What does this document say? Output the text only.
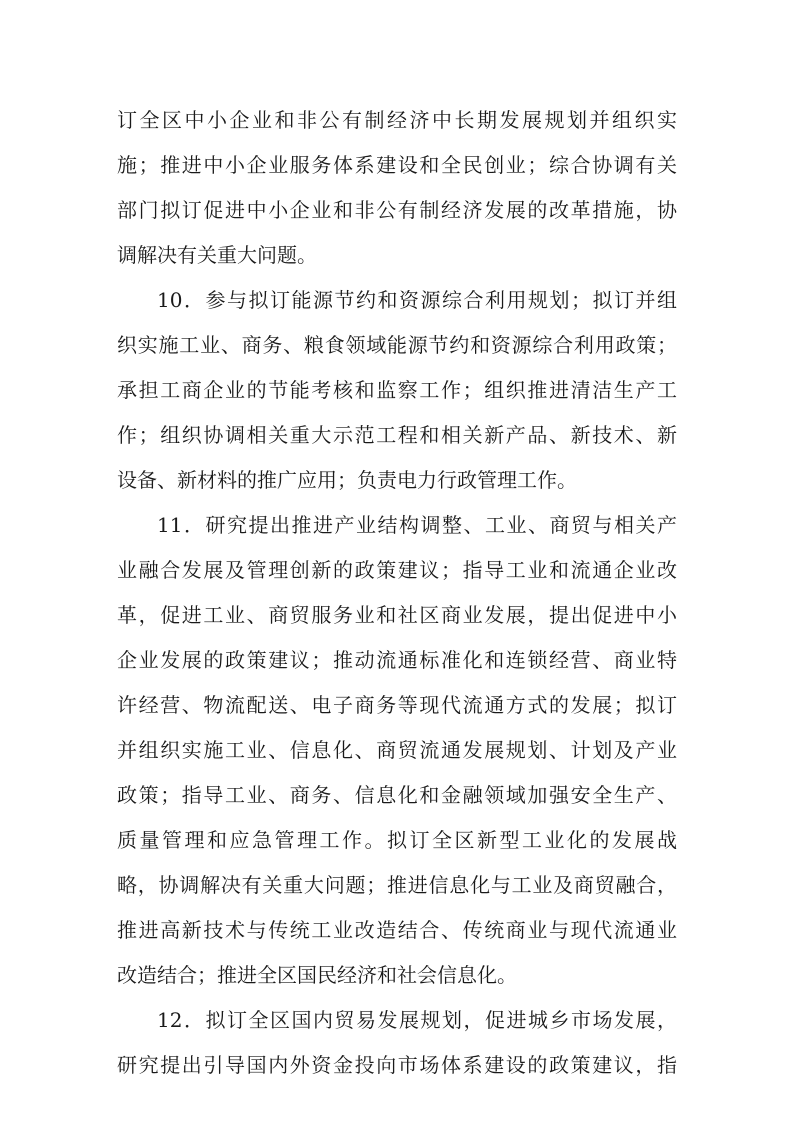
订全区中小企业和非公有制经济中长期发展规划并组织实
施；推进中小企业服务体系建设和全民创业；综合协调有关
部门拟订促进中小企业和非公有制经济发展的改革措施，协
调解决有关重大问题。
10．参与拟订能源节约和资源综合利用规划；拟订并组
织实施工业、商务、粮食领域能源节约和资源综合利用政策；
承担工商企业的节能考核和监察工作；组织推进清洁生产工
作；组织协调相关重大示范工程和相关新产品、新技术、新
设备、新材料的推广应用；负责电力行政管理工作。
11．研究提出推进产业结构调整、工业、商贸与相关产
业融合发展及管理创新的政策建议；指导工业和流通企业改
革，促进工业、商贸服务业和社区商业发展，提出促进中小
企业发展的政策建议；推动流通标准化和连锁经营、商业特
许经营、物流配送、电子商务等现代流通方式的发展；拟订
并组织实施工业、信息化、商贸流通发展规划、计划及产业
政策；指导工业、商务、信息化和金融领域加强安全生产、
质量管理和应急管理工作。拟订全区新型工业化的发展战
略，协调解决有关重大问题；推进信息化与工业及商贸融合，
推进高新技术与传统工业改造结合、传统商业与现代流通业
改造结合；推进全区国民经济和社会信息化。
12．拟订全区国内贸易发展规划，促进城乡市场发展，
研究提出引导国内外资金投向市场体系建设的政策建议，指
